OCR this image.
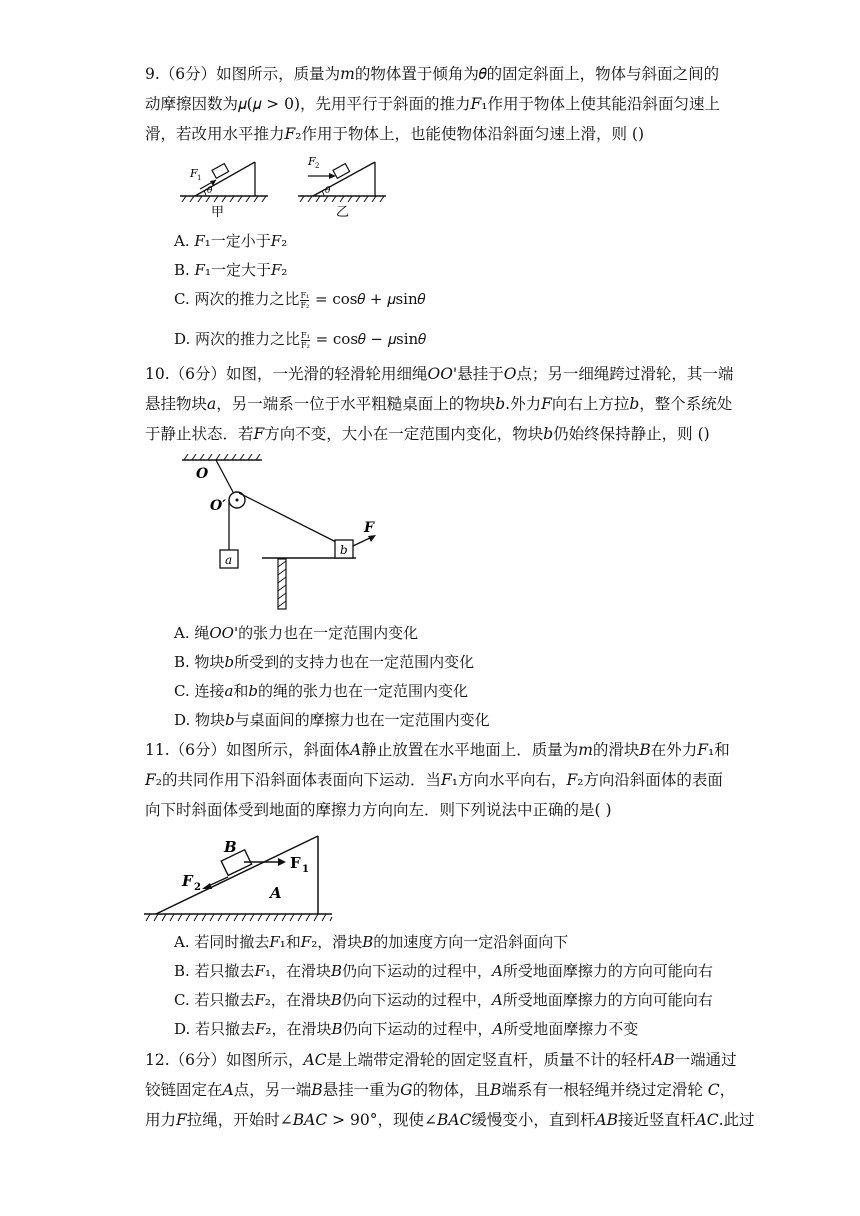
9.（6分）如图所示，质量为𝑚的物体置于倾角为𝜃的固定斜面上，物体与斜面之间的
动摩擦因数为𝜇(𝜇 > 0)，先用平行于斜面的推力𝐹₁作用于物体上使其能沿斜面匀速上
滑，若改用水平推力𝐹₂作用于物体上，也能使物体沿斜面匀速上滑，则 ()
F 1
θ
甲
F 2
θ
乙
A. 𝐹₁一定小于𝐹₂
B. 𝐹₁一定大于𝐹₂
C. 两次的推力之比 $\frac{\text{F₁}}{\text{F₂}}$ = cos𝜃 + 𝜇sin𝜃
D. 两次的推力之比 $\frac{\text{F₁}}{\text{F₂}}$ = cos𝜃 − 𝜇sin𝜃
10.（6分）如图，一光滑的轻滑轮用细绳𝑂𝑂'悬挂于𝑂点；另一细绳跨过滑轮，其一端
悬挂物块𝑎，另一端系一位于水平粗糙桌面上的物块𝑏.外力𝐹向右上方拉𝑏，整个系统处
于静止状态．若𝐹方向不变，大小在一定范围内变化，物块𝑏仍始终保持静止，则 ()
O
O′
a
b
F
A. 绳𝑂𝑂'的张力也在一定范围内变化
B. 物块𝑏所受到的支持力也在一定范围内变化
C. 连接𝑎和𝑏的绳的张力也在一定范围内变化
D. 物块𝑏与桌面间的摩擦力也在一定范围内变化
11.（6分）如图所示，斜面体𝐴静止放置在水平地面上．质量为𝑚的滑块𝐵在外力𝐹₁和
𝐹₂的共同作用下沿斜面体表面向下运动．当𝐹₁方向水平向右，𝐹₂方向沿斜面体的表面
向下时斜面体受到地面的摩擦力方向向左．则下列说法中正确的是( )
B
F 1
F 2	A
A. 若同时撤去𝐹₁和𝐹₂，滑块𝐵的加速度方向一定沿斜面向下
B. 若只撤去𝐹₁，在滑块𝐵仍向下运动的过程中，𝐴所受地面摩擦力的方向可能向右
C. 若只撤去𝐹₂，在滑块𝐵仍向下运动的过程中，𝐴所受地面摩擦力的方向可能向右
D. 若只撤去𝐹₂，在滑块𝐵仍向下运动的过程中，𝐴所受地面摩擦力不变
12.（6分）如图所示，𝐴𝐶是上端带定滑轮的固定竖直杆，质量不计的轻杆𝐴𝐵一端通过
铰链固定在𝐴点，另一端𝐵悬挂一重为𝐺的物体，且𝐵端系有一根轻绳并绕过定滑轮 𝐶，
用力𝐹拉绳，开始时∠𝐵𝐴𝐶 > 90°，现使∠𝐵𝐴𝐶缓慢变小，直到杆𝐴𝐵接近竖直杆𝐴𝐶.此过
